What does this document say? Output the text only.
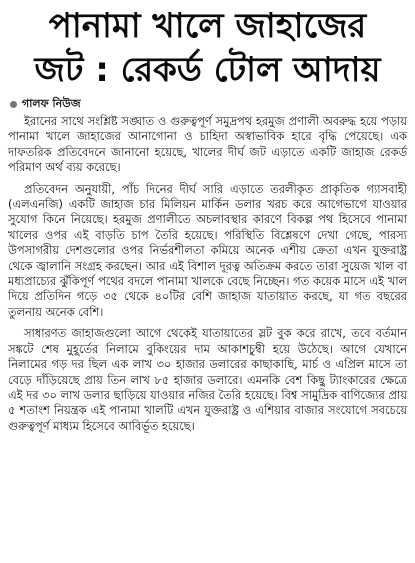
পানামা খালে জাহাজের
জট : রেকর্ড টোল আদায়
গালফ নিউজ

ইরানের সাথে সংশ্লিষ্ট সঙ্ঘাত ও গুরুত্বপূর্ণ সমুদ্রপথ হরমুজ প্রণালী অবরুদ্ধ হয়ে পড়ায় পানামা খালে জাহাজের আনাগোনা ও চাহিদা অস্বাভাবিক হারে বৃদ্ধি পেয়েছে। এক দাফতরিক প্রতিবেদনে জানানো হয়েছে, খালের দীর্ঘ জট এড়াতে একটি জাহাজ রেকর্ড পরিমাণ অর্থ ব্যয় করেছে।

প্রতিবেদন অনুযায়ী, পাঁচ দিনের দীর্ঘ সারি এড়াতে তরলীকৃত প্রাকৃতিক গ্যাসবাহী (এলএনজি) একটি জাহাজ চার মিলিয়ন মার্কিন ডলার খরচ করে আগেভাগে যাওয়ার সুযোগ কিনে নিয়েছে। হরমুজ প্রণালীতে অচলাবস্থার কারণে বিকল্প পথ হিসেবে পানামা খালের ওপর এই বাড়তি চাপ তৈরি হয়েছে। পরিস্থিতি বিশ্লেষণে দেখা গেছে, পারস্য উপসাগরীয় দেশগুলোর ওপর নির্ভরশীলতা কমিয়ে অনেক এশীয় ক্রেতা এখন যুক্তরাষ্ট্র থেকে জ্বালানি সংগ্রহ করছেন। আর এই বিশাল দূরত্ব অতিক্রম করতে তারা সুয়েজ খাল বা মধ্যপ্রাচ্যের ঝুঁকিপূর্ণ পথের বদলে পানামা খালকে বেছে নিচ্ছেন। গত কয়েক মাসে এই খাল দিয়ে প্রতিদিন গড়ে ৩৫ থেকে ৪০টির বেশি জাহাজ যাতায়াত করছে, যা গত বছরের তুলনায় অনেক বেশি।

সাধারণত জাহাজগুলো আগে থেকেই যাতায়াতের স্লট বুক করে রাখে, তবে বর্তমান সঙ্কটে শেষ মুহূর্তের নিলামে বুকিংয়ের দাম আকাশচুম্বী হয়ে উঠেছে। আগে যেখানে নিলামের গড় দর ছিল এক লাখ ৩০ হাজার ডলারের কাছাকাছি, মার্চ ও এপ্রিল মাসে তা বেড়ে দাঁড়িয়েছে প্রায় তিন লাখ ৮৫ হাজার ডলারে। এমনকি বেশ কিছু ট্যাংকারের ক্ষেত্রে এই দর ৩০ লাখ ডলার ছাড়িয়ে যাওয়ার নজির তৈরি হয়েছে। বিশ্ব সামুদ্রিক বাণিজ্যের প্রায় ৫ শতাংশ নিয়ন্ত্রক এই পানামা খালটি এখন যুক্তরাষ্ট্র ও এশিয়ার বাজার সংযোগে সবচেয়ে গুরুত্বপূর্ণ মাধ্যম হিসেবে আবির্ভূত হয়েছে।
